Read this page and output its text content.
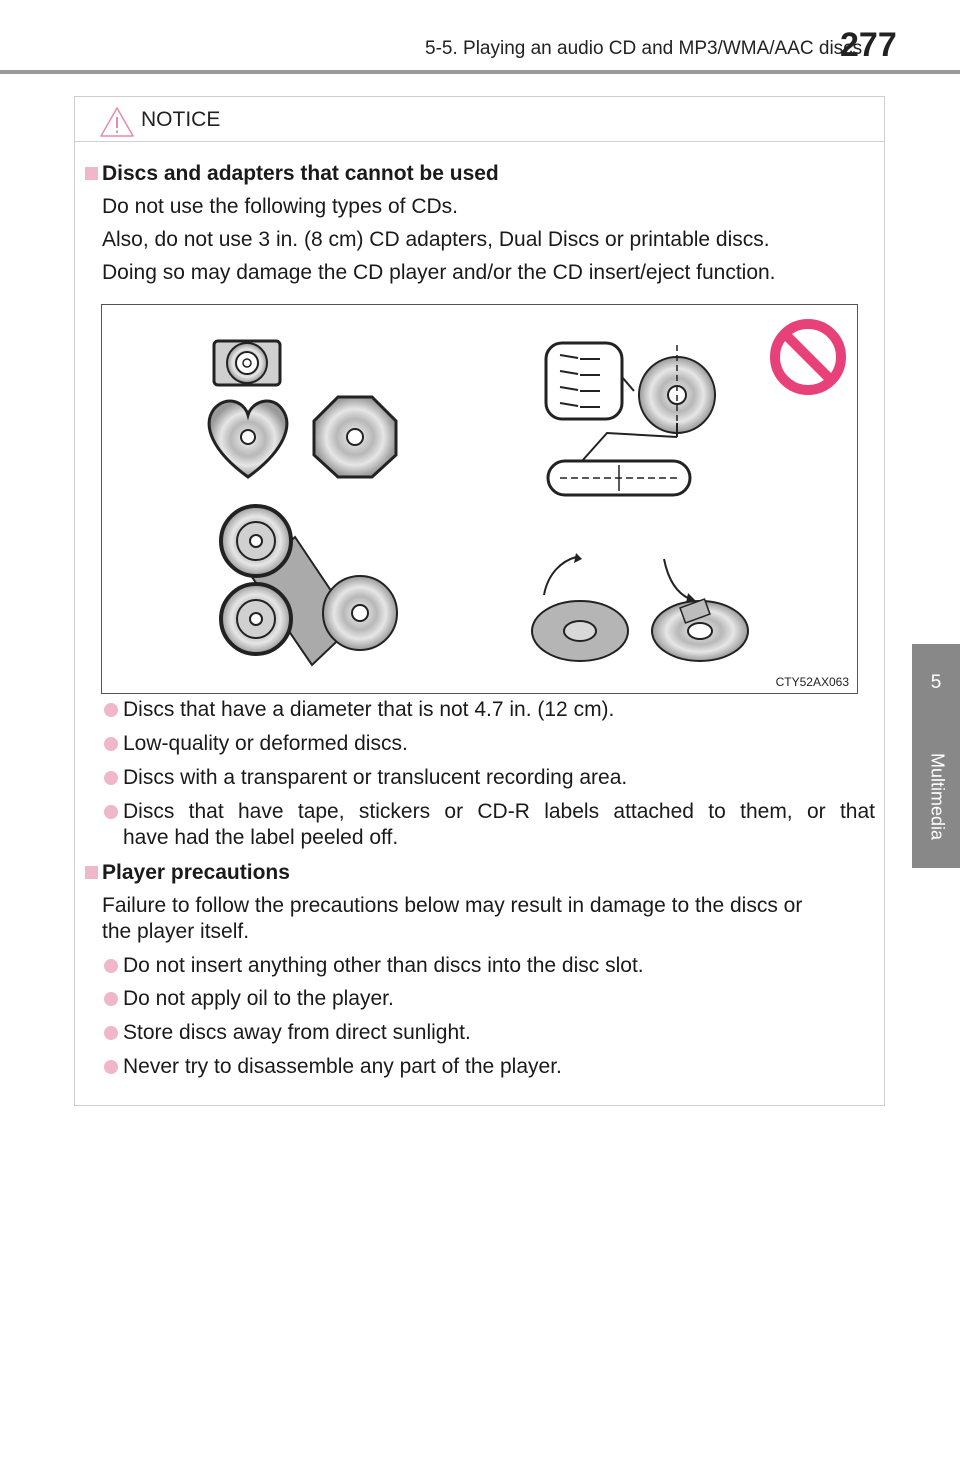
5-5. Playing an audio CD and MP3/WMA/AAC discs
277
5
Multimedia
NOTICE
Discs and adapters that cannot be used
Do not use the following types of CDs.
Also, do not use 3 in. (8 cm) CD adapters, Dual Discs or printable discs.
Doing so may damage the CD player and/or the CD insert/eject function.
CTY52AX063
Discs that have a diameter that is not 4.7 in. (12 cm).
Low-quality or deformed discs.
Discs with a transparent or translucent recording area.
Discs that have tape, stickers or CD-R labels attached to them, or that
have had the label peeled off.
Player precautions
Failure to follow the precautions below may result in damage to the discs or
the player itself.
Do not insert anything other than discs into the disc slot.
Do not apply oil to the player.
Store discs away from direct sunlight.
Never try to disassemble any part of the player.
